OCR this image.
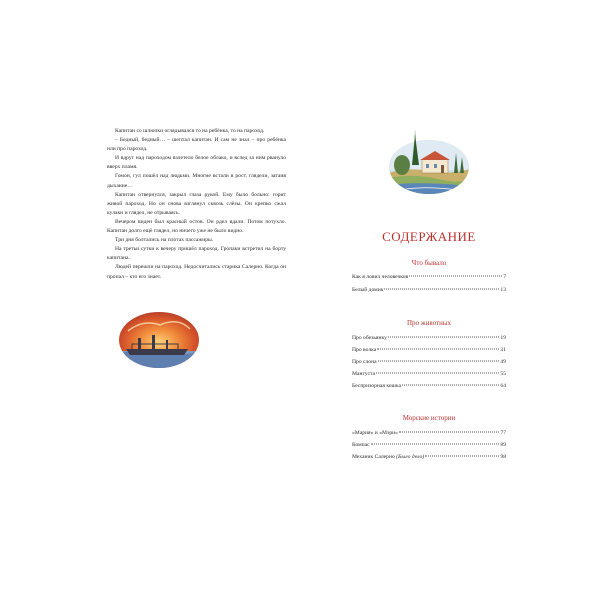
Капитан со шлюпки оглядывался то на ребёнка, то на пароход.

– Бедный, бедный… – шептал капитан. И сам не знал – про ребёнка или про пароход.

И вдруг над пароходом взлетело белое облако, и вслед за ним рвануло вверх пламя.

Гомон, гул пошёл над людьми. Многие встали в рост, глядели, затаив дыхание…

Капитан отвернулся, закрыл глаза рукой. Ему было больно: горит живой пароход. Но он снова взглянул сквозь слёзы. Он крепко сжал кулаки и глядел, не отрываясь.

Вечером виден был красный остов. Он рдел вдали. Потом потухло. Капитан долго ещё глядел, но ничего уже не было видно.

Три дня болтались на плотах пассажиры.

На третьи сутки к вечеру пришёл пароход. Гропаки встретил на борту капитана.

Людей перешли на пароход. Недосчитались старика Салерно. Когда он пропал – кто его знает.

СОДЕРЖАНИЕ
Что бывало
Как я ловил человечков	7
Белый домик	13
Про животных
Про обезьянку	19
Про волка	31
Про слона	49
Мангуста	55
Беспризорная кошка	64
Морские истории
«Мария» и «Мэри»	77
Компас	89
Механик Салерно (Было дело)	98
